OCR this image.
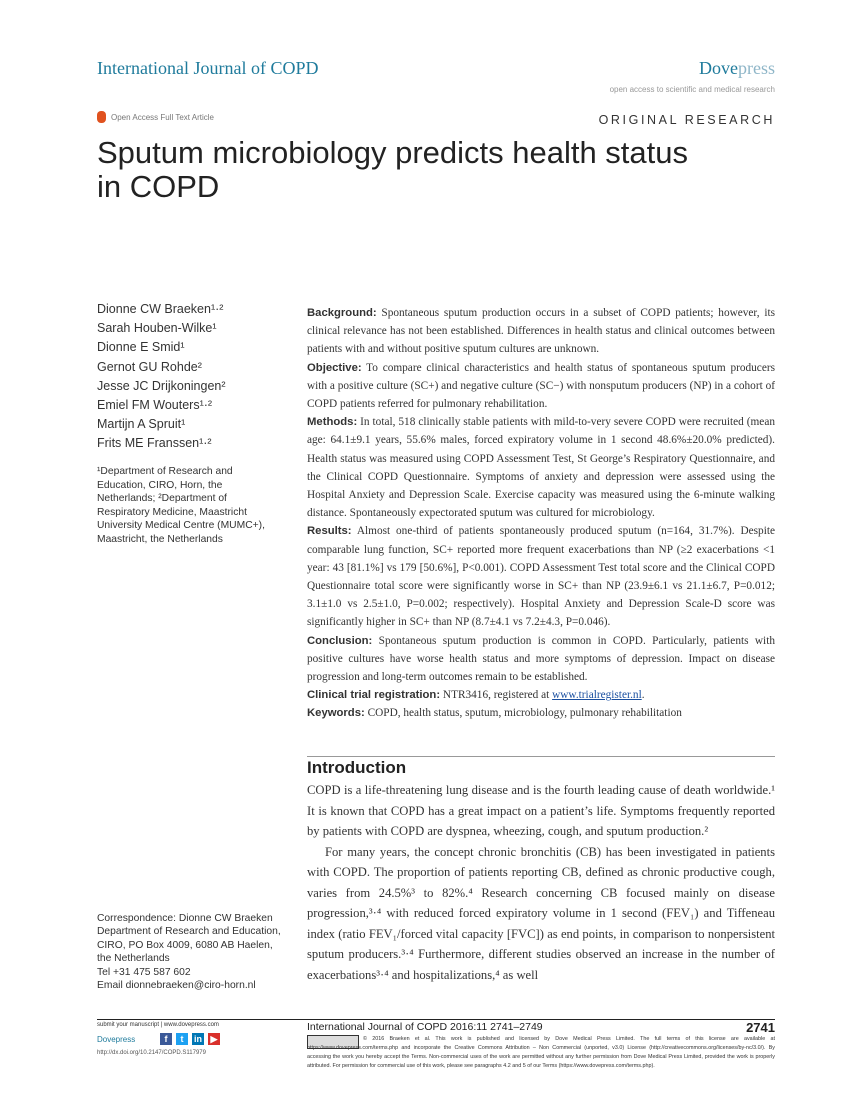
International Journal of COPD	Dovepress
open access to scientific and medical research
Open Access Full Text Article	ORIGINAL RESEARCH
Sputum microbiology predicts health status
in COPD
Dionne CW Braeken¹·²
Sarah Houben-Wilke¹
Dionne E Smid¹
Gernot GU Rohde²
Jesse JC Drijkoningen²
Emiel FM Wouters¹·²
Martijn A Spruit¹
Frits ME Franssen¹·²
¹Department of Research and Education, CIRO, Horn, the Netherlands; ²Department of Respiratory Medicine, Maastricht University Medical Centre (MUMC+), Maastricht, the Netherlands

Background: Spontaneous sputum production occurs in a subset of COPD patients; however, its clinical relevance has not been established. Differences in health status and clinical outcomes between patients with and without positive sputum cultures are unknown.

Objective: To compare clinical characteristics and health status of spontaneous sputum producers with a positive culture (SC+) and negative culture (SC−) with nonsputum producers (NP) in a cohort of COPD patients referred for pulmonary rehabilitation.

Methods: In total, 518 clinically stable patients with mild-to-very severe COPD were recruited (mean age: 64.1±9.1 years, 55.6% males, forced expiratory volume in 1 second 48.6%±20.0% predicted). Health status was measured using COPD Assessment Test, St George’s Respiratory Questionnaire, and the Clinical COPD Questionnaire. Symptoms of anxiety and depression were assessed using the Hospital Anxiety and Depression Scale. Exercise capacity was measured using the 6-minute walking distance. Spontaneously expectorated sputum was cultured for microbiology.

Results: Almost one-third of patients spontaneously produced sputum (n=164, 31.7%). Despite comparable lung function, SC+ reported more frequent exacerbations than NP (≥2 exacerbations <1 year: 43 [81.1%] vs 179 [50.6%], P<0.001). COPD Assessment Test total score and the Clinical COPD Questionnaire total score were significantly worse in SC+ than NP (23.9±6.1 vs 21.1±6.7, P=0.012; 3.1±1.0 vs 2.5±1.0, P=0.002; respectively). Hospital Anxiety and Depression Scale-D score was significantly higher in SC+ than NP (8.7±4.1 vs 7.2±4.3, P=0.046).

Conclusion: Spontaneous sputum production is common in COPD. Particularly, patients with positive cultures have worse health status and more symptoms of depression. Impact on disease progression and long-term outcomes remain to be established.

Clinical trial registration: NTR3416, registered at www.trialregister.nl.

Keywords: COPD, health status, sputum, microbiology, pulmonary rehabilitation

Introduction

COPD is a life-threatening lung disease and is the fourth leading cause of death worldwide.¹ It is known that COPD has a great impact on a patient’s life. Symptoms frequently reported by patients with COPD are dyspnea, wheezing, cough, and sputum production.²

For many years, the concept chronic bronchitis (CB) has been investigated in patients with COPD. The proportion of patients reporting CB, defined as chronic productive cough, varies from 24.5%³ to 82%.⁴ Research concerning CB focused mainly on disease progression,³·⁴ with reduced forced expiratory volume in 1 second (FEV₁) and Tiffeneau index (ratio FEV₁/forced vital capacity [FVC]) as end points, in comparison to nonpersistent sputum producers.³·⁴ Furthermore, different studies observed an increase in the number of exacerbations³·⁴ and hospitalizations,⁴ as well

Correspondence: Dionne CW Braeken
Department of Research and Education,
CIRO, PO Box 4009, 6080 AB Haelen,
the Netherlands
Tel +31 475 587 602
Email dionnebraeken@ciro-horn.nl
submit your manuscript | www.dovepress.com
Dovepress	f	t	in ▶
http://dx.doi.org/10.2147/COPD.S117979
International Journal of COPD 2016:11 2741–2749	2741
© 2016 Braeken et al. This work is published and licensed by Dove Medical Press Limited. The full terms of this license are available at https://www.dovepress.com/terms.php and incorporate the Creative Commons Attribution – Non Commercial (unported, v3.0) License (http://creativecommons.org/licenses/by-nc/3.0/). By accessing the work you hereby accept the Terms. Non-commercial uses of the work are permitted without any further permission from Dove Medical Press Limited, provided the work is properly attributed. For permission for commercial use of this work, please see paragraphs 4.2 and 5 of our Terms (https://www.dovepress.com/terms.php).
